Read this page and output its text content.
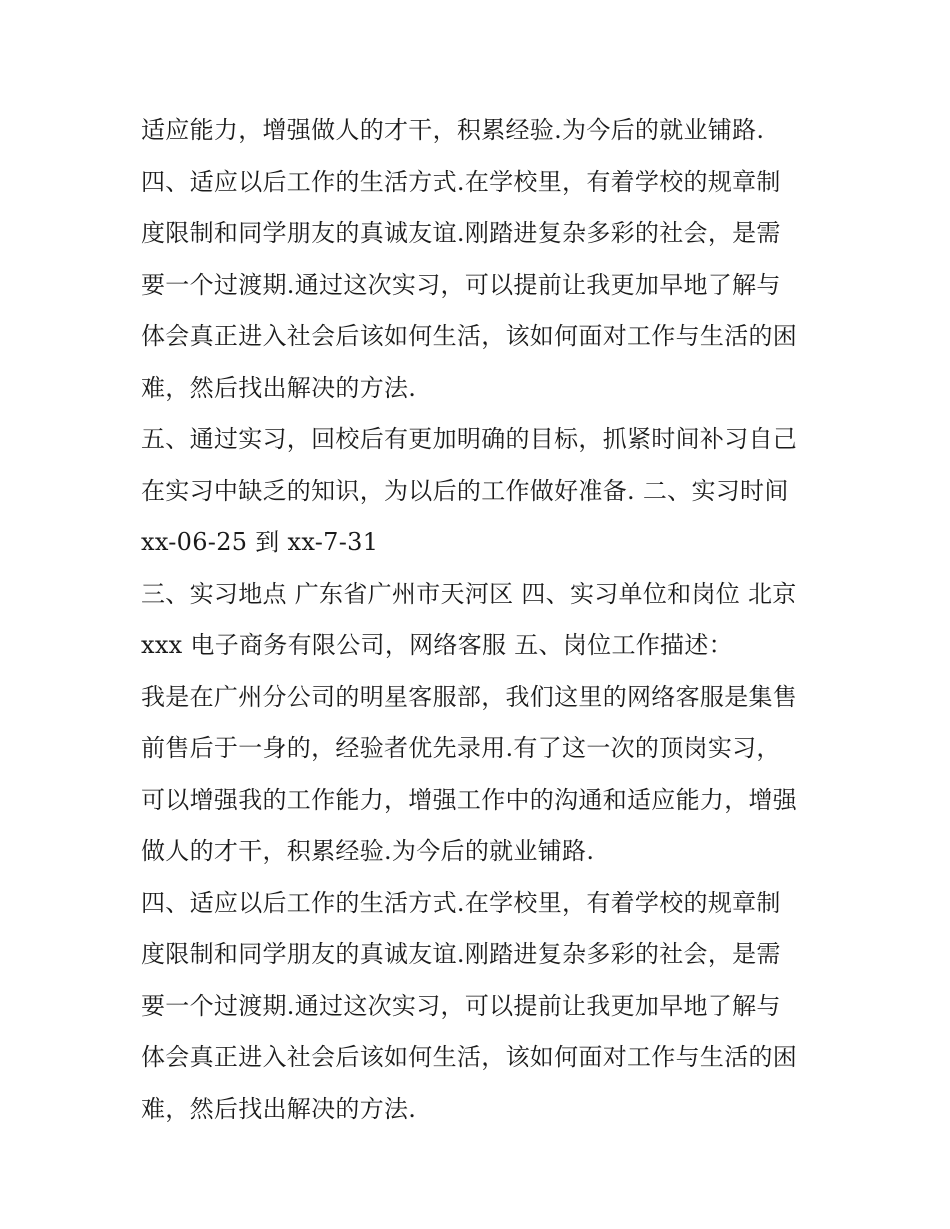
适应能力，增强做人的才干，积累经验.为今后的就业铺路.
四、适应以后工作的生活方式.在学校里，有着学校的规章制
度限制和同学朋友的真诚友谊.刚踏进复杂多彩的社会，是需
要一个过渡期.通过这次实习，可以提前让我更加早地了解与
体会真正进入社会后该如何生活，该如何面对工作与生活的困
难，然后找出解决的方法.
五、通过实习，回校后有更加明确的目标，抓紧时间补习自己
在实习中缺乏的知识，为以后的工作做好准备. 二、实习时间
xx-06-25 到 xx-7-31
三、实习地点 广东省广州市天河区 四、实习单位和岗位 北京
xxx 电子商务有限公司，网络客服 五、岗位工作描述：
我是在广州分公司的明星客服部，我们这里的网络客服是集售
前售后于一身的，经验者优先录用.有了这一次的顶岗实习，
可以增强我的工作能力，增强工作中的沟通和适应能力，增强
做人的才干，积累经验.为今后的就业铺路.
四、适应以后工作的生活方式.在学校里，有着学校的规章制
度限制和同学朋友的真诚友谊.刚踏进复杂多彩的社会，是需
要一个过渡期.通过这次实习，可以提前让我更加早地了解与
体会真正进入社会后该如何生活，该如何面对工作与生活的困
难，然后找出解决的方法.
